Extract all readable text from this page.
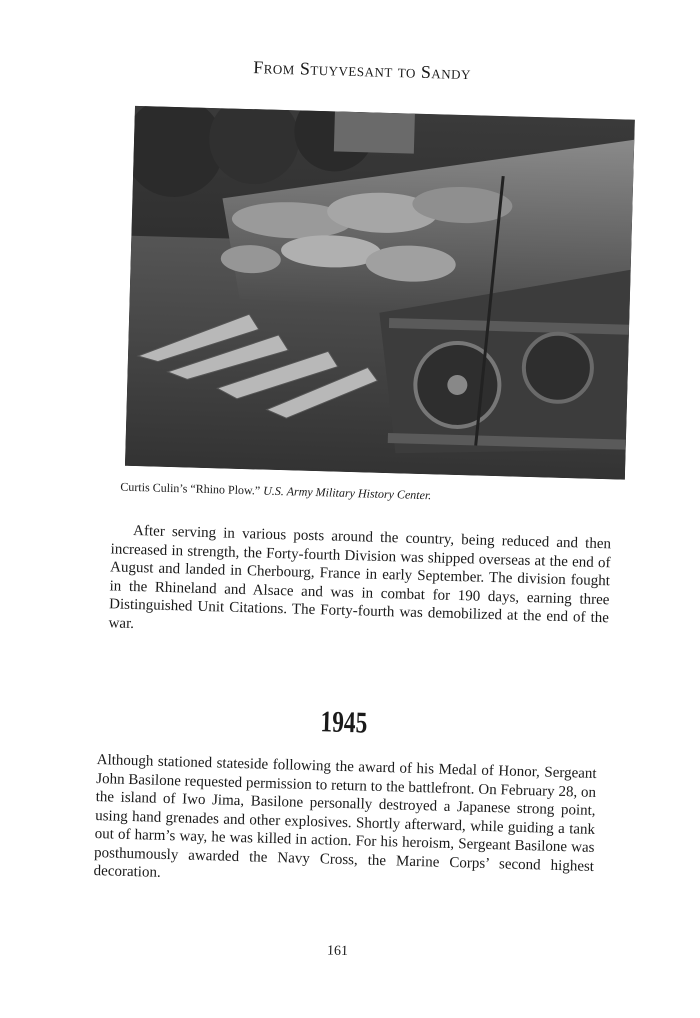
From Stuyvesant to Sandy
Curtis Culin’s “Rhino Plow.” U.S. Army Military History Center.

After serving in various posts around the country, being reduced and then increased in strength, the Forty-fourth Division was shipped overseas at the end of August and landed in Cherbourg, France in early September. The division fought in the Rhineland and Alsace and was in combat for 190 days, earning three Distinguished Unit Citations. The Forty-fourth was demobilized at the end of the war.

1945

Although stationed stateside following the award of his Medal of Honor, Sergeant John Basilone requested permission to return to the battlefront. On February 28, on the island of Iwo Jima, Basilone personally destroyed a Japanese strong point, using hand grenades and other explosives. Shortly afterward, while guiding a tank out of harm’s way, he was killed in action. For his heroism, Sergeant Basilone was posthumously awarded the Navy Cross, the Marine Corps’ second highest decoration.

161
